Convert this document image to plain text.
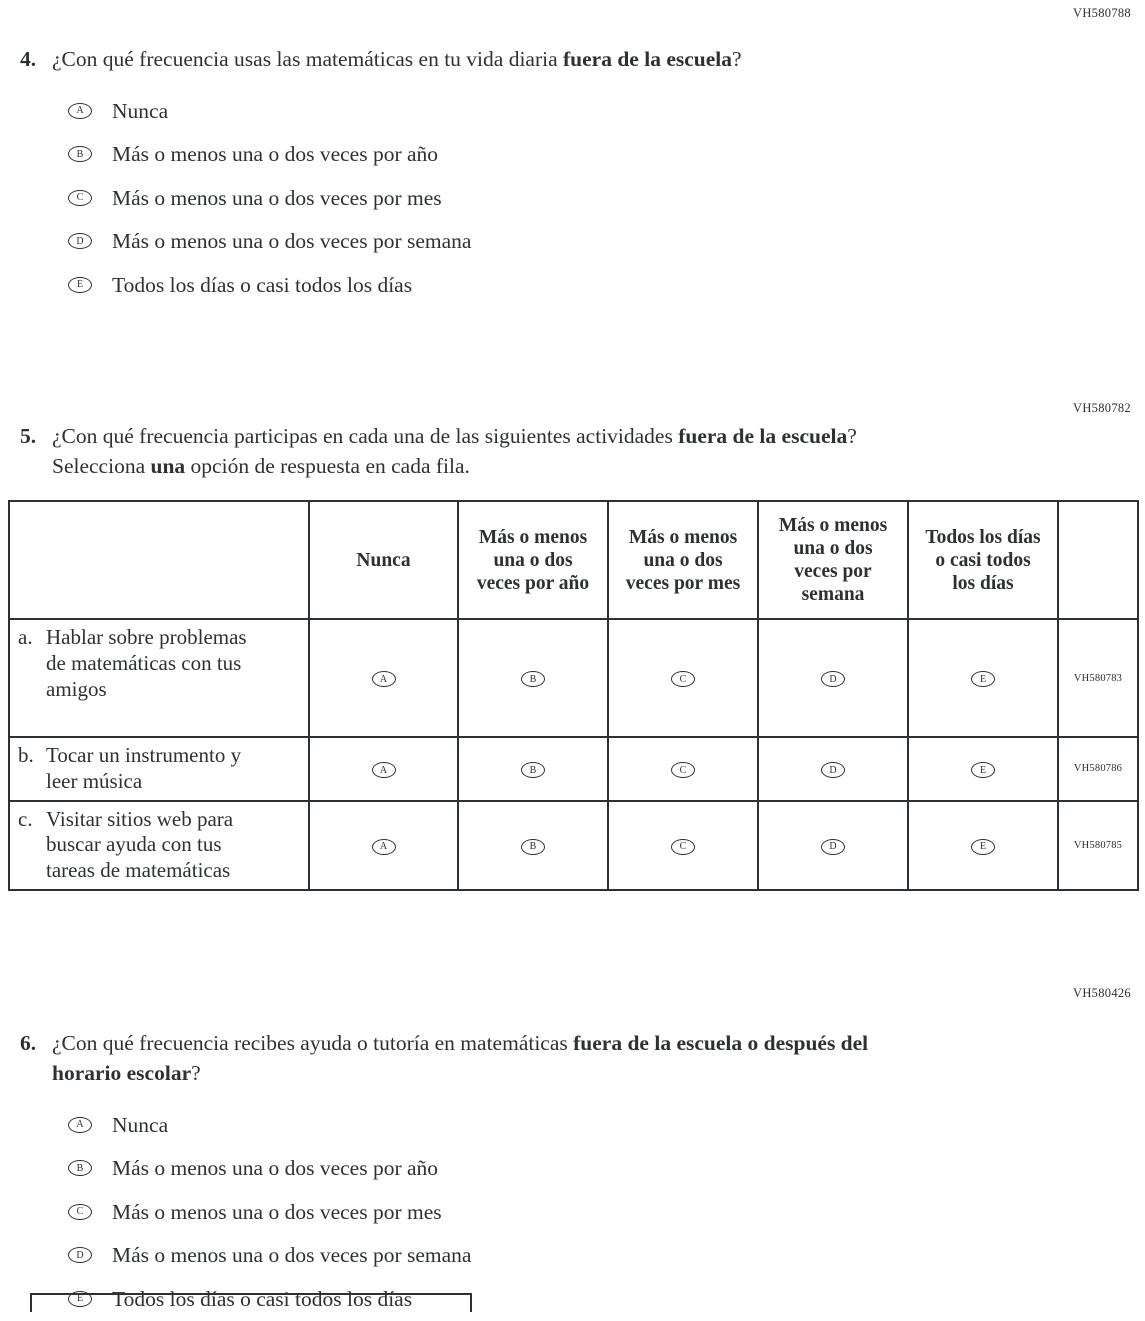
VH580788
4. ¿Con qué frecuencia usas las matemáticas en tu vida diaria fuera de la escuela?
A	Nunca
B	Más o menos una o dos veces por año
C	Más o menos una o dos veces por mes
D	Más o menos una o dos veces por semana
E	Todos los días o casi todos los días
VH580782
5. ¿Con qué frecuencia participas en cada una de las siguientes actividades fuera de la escuela? Selecciona una opción de respuesta en cada fila.
	Nunca	Más o menos una o dos veces por año	Más o menos una o dos veces por mes	Más o menos una o dos veces por semana	Todos los días o casi todos los días	

a. Hablar sobre problemas de matemáticas con tus amigos	A	B	C	D	E	VH580783

b. Tocar un instrumento y leer música	A	B	C	D	E	VH580786

c. Visitar sitios web para buscar ayuda con tus tareas de matemáticas	A	B	C	D	E	VH580785
VH580426
6. ¿Con qué frecuencia recibes ayuda o tutoría en matemáticas fuera de la escuela o después del horario escolar?
A	Nunca
B	Más o menos una o dos veces por año
C	Más o menos una o dos veces por mes
D	Más o menos una o dos veces por semana
E	Todos los días o casi todos los días
